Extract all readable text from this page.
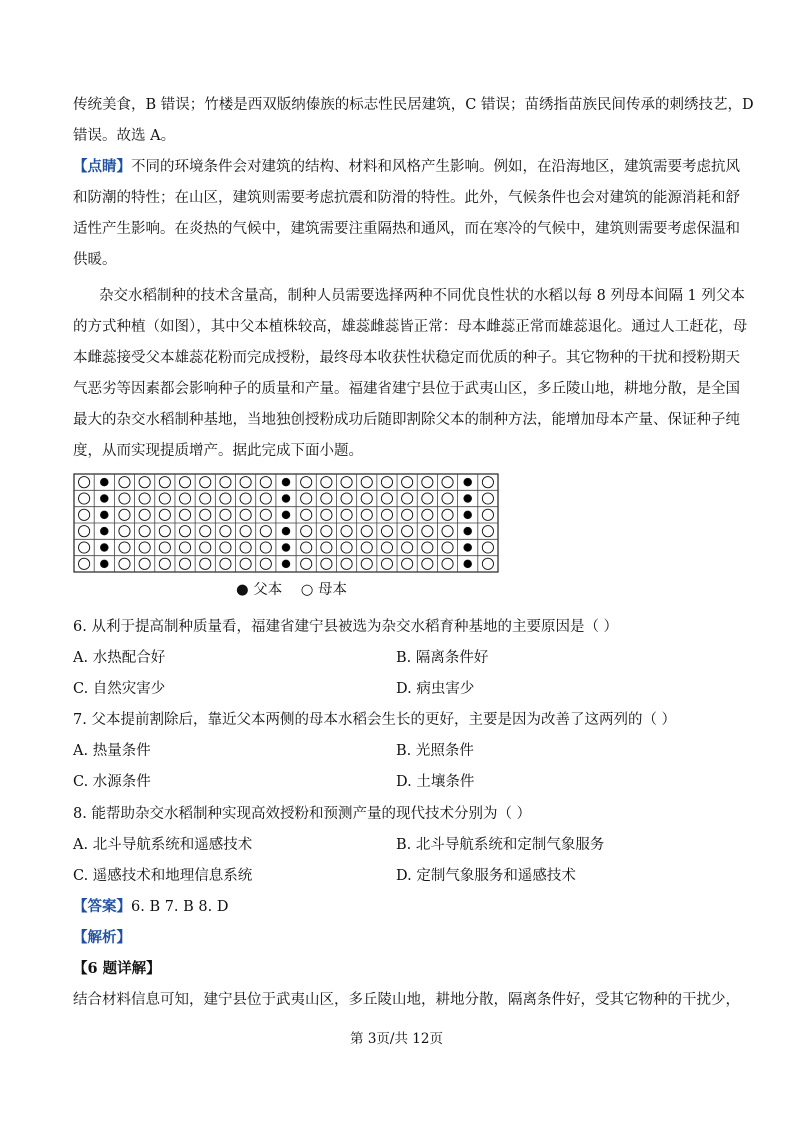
传统美食，B 错误；竹楼是西双版纳傣族的标志性民居建筑，C 错误；苗绣指苗族民间传承的刺绣技艺，D
错误。故选 A。
【点睛】不同的环境条件会对建筑的结构、材料和风格产生影响。例如，在沿海地区，建筑需要考虑抗风
和防潮的特性；在山区，建筑则需要考虑抗震和防滑的特性。此外，气候条件也会对建筑的能源消耗和舒
适性产生影响。在炎热的气候中，建筑需要注重隔热和通风，而在寒冷的气候中，建筑则需要考虑保温和
供暖。
杂交水稻制种的技术含量高，制种人员需要选择两种不同优良性状的水稻以每 8 列母本间隔 1 列父本
的方式种植（如图），其中父本植株较高，雄蕊雌蕊皆正常：母本雌蕊正常而雄蕊退化。通过人工赶花，母
本雌蕊接受父本雄蕊花粉而完成授粉，最终母本收获性状稳定而优质的种子。其它物种的干扰和授粉期天
气恶劣等因素都会影响种子的质量和产量。福建省建宁县位于武夷山区，多丘陵山地，耕地分散，是全国
最大的杂交水稻制种基地，当地独创授粉成功后随即割除父本的制种方法，能增加母本产量、保证种子纯
度，从而实现提质增产。据此完成下面小题。
● 父本 ○ 母本
6. 从利于提高制种质量看，福建省建宁县被选为杂交水稻育种基地的主要原因是（ ）
A. 水热配合好	B. 隔离条件好
C. 自然灾害少	D. 病虫害少
7. 父本提前割除后，靠近父本两侧的母本水稻会生长的更好，主要是因为改善了这两列的（ ）
A. 热量条件	B. 光照条件
C. 水源条件	D. 土壤条件
8. 能帮助杂交水稻制种实现高效授粉和预测产量的现代技术分别为（ ）
A. 北斗导航系统和遥感技术	B. 北斗导航系统和定制气象服务
C. 遥感技术和地理信息系统	D. 定制气象服务和遥感技术
【答案】6. B 7. B 8. D
【解析】
【6 题详解】
结合材料信息可知，建宁县位于武夷山区，多丘陵山地，耕地分散，隔离条件好，受其它物种的干扰少，
第 3页/共 12页
